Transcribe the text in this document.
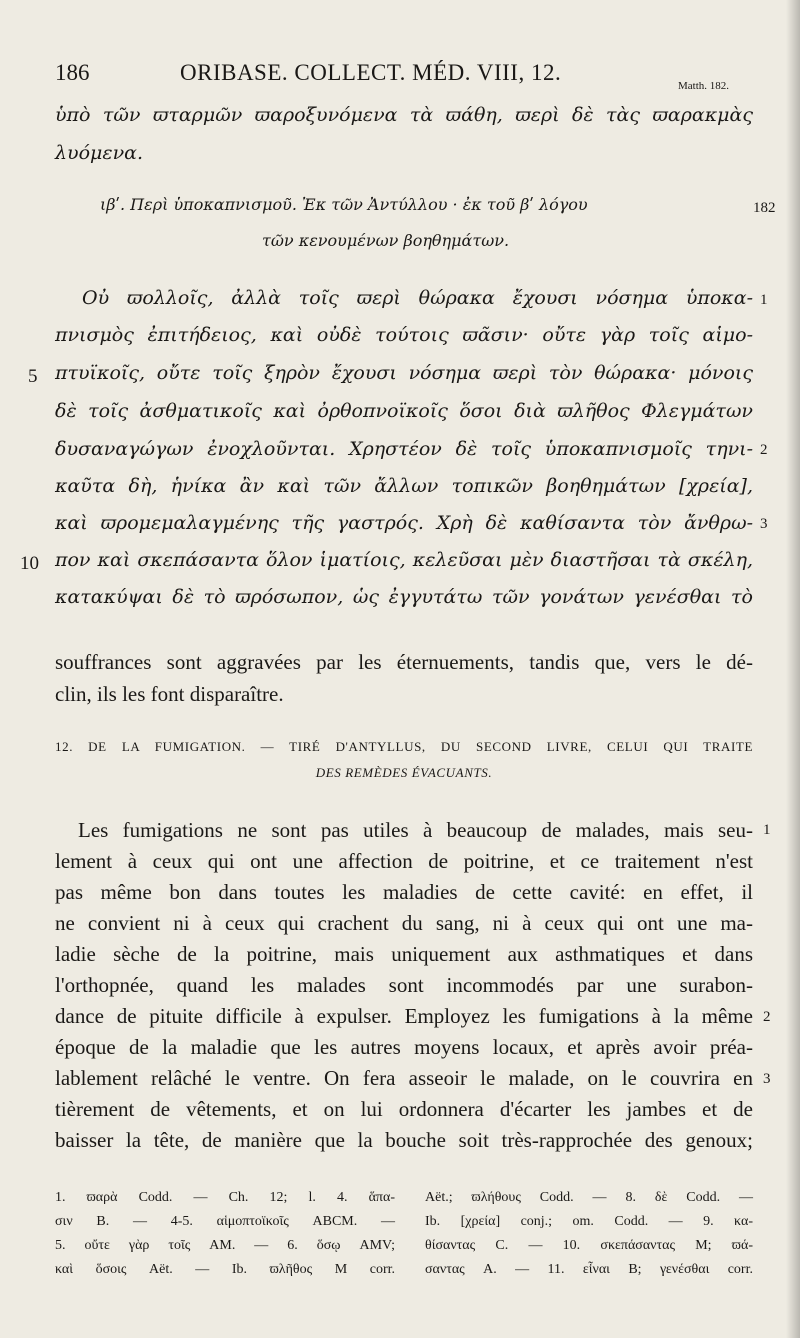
186	ORIBASE. COLLECT. MÉD. VIII, 12.
Matth. 182.
ὑπὸ τῶν ϖταρμῶν ϖαροξυνόμενα τὰ ϖάθη, ϖερὶ δὲ τὰς ϖαρακμὰς
λυόμενα.
ιβʹ. Περὶ ὑποκαπνισμοῦ. Ἐκ τῶν Ἀντύλλου · ἐκ τοῦ βʹ λόγου
τῶν κενουμένων βοηθημάτων.
182
Οὐ ϖολλοῖς, ἀλλὰ τοῖς ϖερὶ θώρακα ἔχουσι νόσημα ὑποκα-
πνισμὸς ἐπιτήδειος, καὶ οὐδὲ τούτοις ϖᾶσιν· οὔτε γὰρ τοῖς αἱμο-
πτυϊκοῖς, οὔτε τοῖς ξηρὸν ἔχουσι νόσημα ϖερὶ τὸν θώρακα· μόνοις
δὲ τοῖς ἀσθματικοῖς καὶ ὀρθοπνοϊκοῖς ὅσοι διὰ ϖλῆθος Φλεγμάτων
δυσαναγώγων ἐνοχλοῦνται. Χρηστέον δὲ τοῖς ὑποκαπνισμοῖς τηνι-
καῦτα δὴ, ἡνίκα ἂν καὶ τῶν ἄλλων τοπικῶν βοηθημάτων [χρεία],
καὶ ϖρομεμαλαγμένης τῆς γαστρός. Χρὴ δὲ καθίσαντα τὸν ἄνθρω-
πον καὶ σκεπάσαντα ὅλον ἱματίοις, κελεῦσαι μὲν διαστῆσαι τὰ σκέλη,
κατακύψαι δὲ τὸ ϖρόσωπον, ὡς ἐγγυτάτω τῶν γονάτων γενέσθαι τὸ
5
10
1
2
3
souffrances sont aggravées par les éternuements, tandis que, vers le dé-
clin, ils les font disparaître.
12. DE LA FUMIGATION. — TIRÉ D'ANTYLLUS, DU SECOND LIVRE, CELUI QUI TRAITE
DES REMÈDES ÉVACUANTS.
Les fumigations ne sont pas utiles à beaucoup de malades, mais seu-
lement à ceux qui ont une affection de poitrine, et ce traitement n'est
pas même bon dans toutes les maladies de cette cavité: en effet, il
ne convient ni à ceux qui crachent du sang, ni à ceux qui ont une ma-
ladie sèche de la poitrine, mais uniquement aux asthmatiques et dans
l'orthopnée, quand les malades sont incommodés par une surabon-
dance de pituite difficile à expulser. Employez les fumigations à la même
époque de la maladie que les autres moyens locaux, et après avoir préa-
lablement relâché le ventre. On fera asseoir le malade, on le couvrira en
tièrement de vêtements, et on lui ordonnera d'écarter les jambes et de
baisser la tête, de manière que la bouche soit très-rapprochée des genoux;
1
2
3
1. ϖαρὰ Codd. — Ch. 12; l. 4. ἅπα-
σιν B. — 4-5. αἱμοπτοϊκοῖς ABCM. —
5. οὔτε γὰρ τοῖς AM. — 6. ὅσῳ AMV;
καὶ ὅσοις Aët. — Ib. ϖλῆθος M corr.
Aët.; ϖλήθους Codd. — 8. δὲ Codd. —
Ib. [χρεία] conj.; om. Codd. — 9. κα-
θίσαντας C. — 10. σκεπάσαντας M; ϖά-
σαντας A. — 11. εἶναι B; γενέσθαι corr.
